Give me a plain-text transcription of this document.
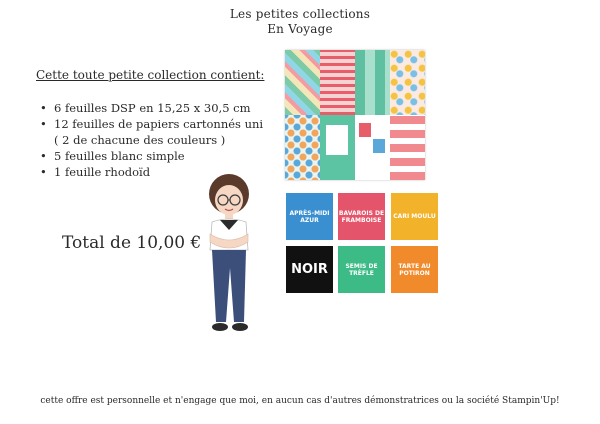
Les petites collections
En Voyage
Cette toute petite collection contient:
• 6 feuilles DSP en 15,25 x 30,5 cm
• 12 feuilles de papiers cartonnés uni
( 2 de chacune des couleurs )
• 5 feuilles blanc simple
• 1 feuille rhodoïd
Total de 10,00 €
APRÈS-MIDI AZUR
BAVAROIS DE FRAMBOISE	CARI MOULU
NOIR	SEMIS DE TRÈFLE
TARTE AU POTIRON
cette offre est personnelle et n'engage que moi, en aucun cas d'autres démonstratrices ou la société Stampin'Up!
